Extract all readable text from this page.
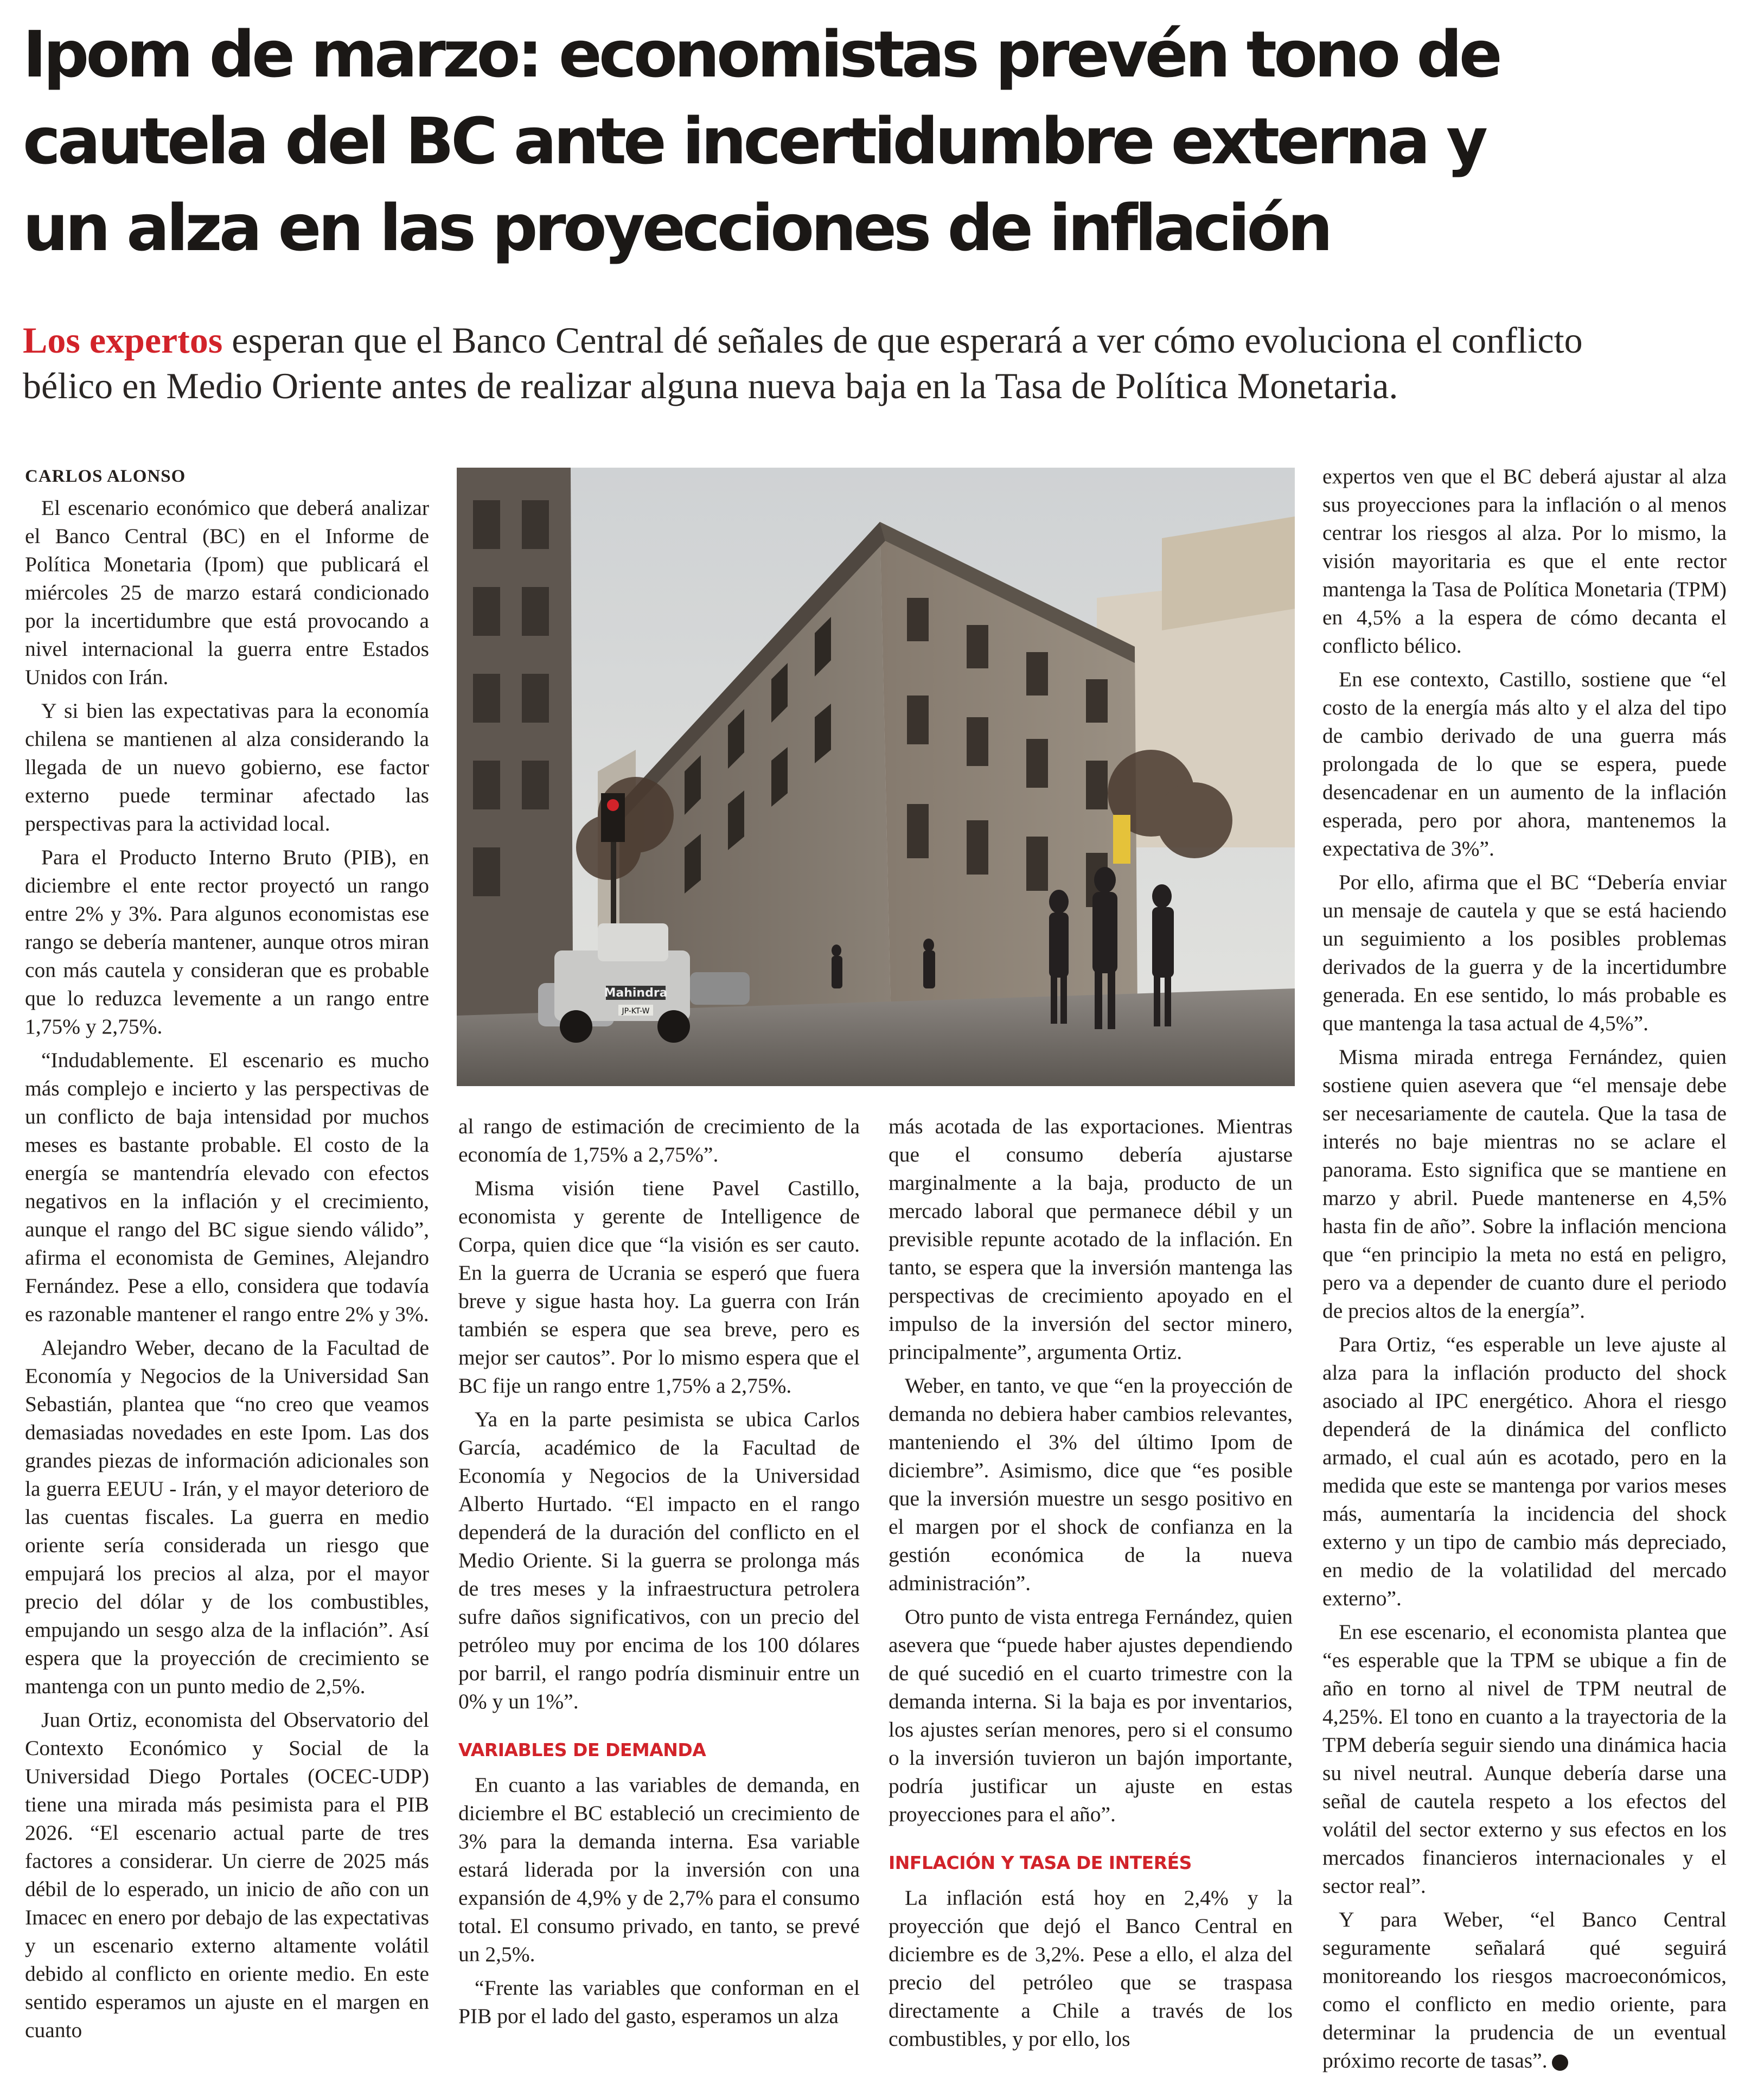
Ipom de marzo: economistas prevén tono de
cautela del BC ante incertidumbre externa y
un alza en las proyecciones de inflación
Los expertos esperan que el Banco Central dé señales de que esperará a ver cómo evoluciona el conflicto
bélico en Medio Oriente antes de realizar alguna nueva baja en la Tasa de Política Monetaria.
CARLOS ALONSO

El escenario económico que deberá analizar el Banco Central (BC) en el Informe de Política Monetaria (Ipom) que publicará el miércoles 25 de marzo estará condicionado por la incertidumbre que está provocando a nivel internacional la guerra entre Estados Unidos con Irán.

Y si bien las expectativas para la economía chilena se mantienen al alza considerando la llegada de un nuevo gobierno, ese factor externo puede terminar afectado las perspectivas para la actividad local.

Para el Producto Interno Bruto (PIB), en diciembre el ente rector proyectó un rango entre 2% y 3%. Para algunos economistas ese rango se debería mantener, aunque otros miran con más cautela y consideran que es probable que lo reduzca levemente a un rango entre 1,75% y 2,75%.

“Indudablemente. El escenario es mucho más complejo e incierto y las perspectivas de un conflicto de baja intensidad por muchos meses es bastante probable. El costo de la energía se mantendría elevado con efectos negativos en la inflación y el crecimiento, aunque el rango del BC sigue siendo válido”, afirma el economista de Gemines, Alejandro Fernández. Pese a ello, considera que todavía es razonable mantener el rango entre 2% y 3%.

Alejandro Weber, decano de la Facultad de Economía y Negocios de la Universidad San Sebastián, plantea que “no creo que veamos demasiadas novedades en este Ipom. Las dos grandes piezas de información adicionales son la guerra EEUU - Irán, y el mayor deterioro de las cuentas fiscales. La guerra en medio oriente sería considerada un riesgo que empujará los precios al alza, por el mayor precio del dólar y de los combustibles, empujando un sesgo alza de la inflación”. Así espera que la proyección de crecimiento se mantenga con un punto medio de 2,5%.

Juan Ortiz, economista del Observatorio del Contexto Económico y Social de la Universidad Diego Portales (OCEC-UDP) tiene una mirada más pesimista para el PIB 2026. “El escenario actual parte de tres factores a considerar. Un cierre de 2025 más débil de lo esperado, un inicio de año con un Imacec en enero por debajo de las expectativas y un escenario externo altamente volátil debido al conflicto en oriente medio. En este sentido esperamos un ajuste en el margen en cuanto

Mahindra
JP-KT-W

al rango de estimación de crecimiento de la economía de 1,75% a 2,75%”.

Misma visión tiene Pavel Castillo, economista y gerente de Intelligence de Corpa, quien dice que “la visión es ser cauto. En la guerra de Ucrania se esperó que fuera breve y sigue hasta hoy. La guerra con Irán también se espera que sea breve, pero es mejor ser cautos”. Por lo mismo espera que el BC fije un rango entre 1,75% a 2,75%.

Ya en la parte pesimista se ubica Carlos García, académico de la Facultad de Economía y Negocios de la Universidad Alberto Hurtado. “El impacto en el rango dependerá de la duración del conflicto en el Medio Oriente. Si la guerra se prolonga más de tres meses y la infraestructura petrolera sufre daños significativos, con un precio del petróleo muy por encima de los 100 dólares por barril, el rango podría disminuir entre un 0% y un 1%”.

VARIABLES DE DEMANDA

En cuanto a las variables de demanda, en diciembre el BC estableció un crecimiento de 3% para la demanda interna. Esa variable estará liderada por la inversión con una expansión de 4,9% y de 2,7% para el consumo total. El consumo privado, en tanto, se prevé un 2,5%.

“Frente las variables que conforman en el PIB por el lado del gasto, esperamos un alza

más acotada de las exportaciones. Mientras que el consumo debería ajustarse marginalmente a la baja, producto de un mercado laboral que permanece débil y un previsible repunte acotado de la inflación. En tanto, se espera que la inversión mantenga las perspectivas de crecimiento apoyado en el impulso de la inversión del sector minero, principalmente”, argumenta Ortiz.

Weber, en tanto, ve que “en la proyección de demanda no debiera haber cambios relevantes, manteniendo el 3% del último Ipom de diciembre”. Asimismo, dice que “es posible que la inversión muestre un sesgo positivo en el margen por el shock de confianza en la gestión económica de la nueva administración”.

Otro punto de vista entrega Fernández, quien asevera que “puede haber ajustes dependiendo de qué sucedió en el cuarto trimestre con la demanda interna. Si la baja es por inventarios, los ajustes serían menores, pero si el consumo o la inversión tuvieron un bajón importante, podría justificar un ajuste en estas proyecciones para el año”.

INFLACIÓN Y TASA DE INTERÉS

La inflación está hoy en 2,4% y la proyección que dejó el Banco Central en diciembre es de 3,2%. Pese a ello, el alza del precio del petróleo que se traspasa directamente a Chile a través de los combustibles, y por ello, los

expertos ven que el BC deberá ajustar al alza sus proyecciones para la inflación o al menos centrar los riesgos al alza. Por lo mismo, la visión mayoritaria es que el ente rector mantenga la Tasa de Política Monetaria (TPM) en 4,5% a la espera de cómo decanta el conflicto bélico.

En ese contexto, Castillo, sostiene que “el costo de la energía más alto y el alza del tipo de cambio derivado de una guerra más prolongada de lo que se espera, puede desencadenar en un aumento de la inflación esperada, pero por ahora, mantenemos la expectativa de 3%”.

Por ello, afirma que el BC “Debería enviar un mensaje de cautela y que se está haciendo un seguimiento a los posibles problemas derivados de la guerra y de la incertidumbre generada. En ese sentido, lo más probable es que mantenga la tasa actual de 4,5%”.

Misma mirada entrega Fernández, quien sostiene quien asevera que “el mensaje debe ser necesariamente de cautela. Que la tasa de interés no baje mientras no se aclare el panorama. Esto significa que se mantiene en marzo y abril. Puede mantenerse en 4,5% hasta fin de año”. Sobre la inflación menciona que “en principio la meta no está en peligro, pero va a depender de cuanto dure el periodo de precios altos de la energía”.

Para Ortiz, “es esperable un leve ajuste al alza para la inflación producto del shock asociado al IPC energético. Ahora el riesgo dependerá de la dinámica del conflicto armado, el cual aún es acotado, pero en la medida que este se mantenga por varios meses más, aumentaría la incidencia del shock externo y un tipo de cambio más depreciado, en medio de la volatilidad del mercado externo”.

En ese escenario, el economista plantea que “es esperable que la TPM se ubique a fin de año en torno al nivel de TPM neutral de 4,25%. El tono en cuanto a la trayectoria de la TPM debería seguir siendo una dinámica hacia su nivel neutral. Aunque debería darse una señal de cautela respeto a los efectos del volátil del sector externo y sus efectos en los mercados financieros internacionales y el sector real”.

Y para Weber, “el Banco Central seguramente señalará qué seguirá monitoreando los riesgos macroeconómicos, como el conflicto en medio oriente, para determinar la prudencia de un eventual próximo recorte de tasas”. P
